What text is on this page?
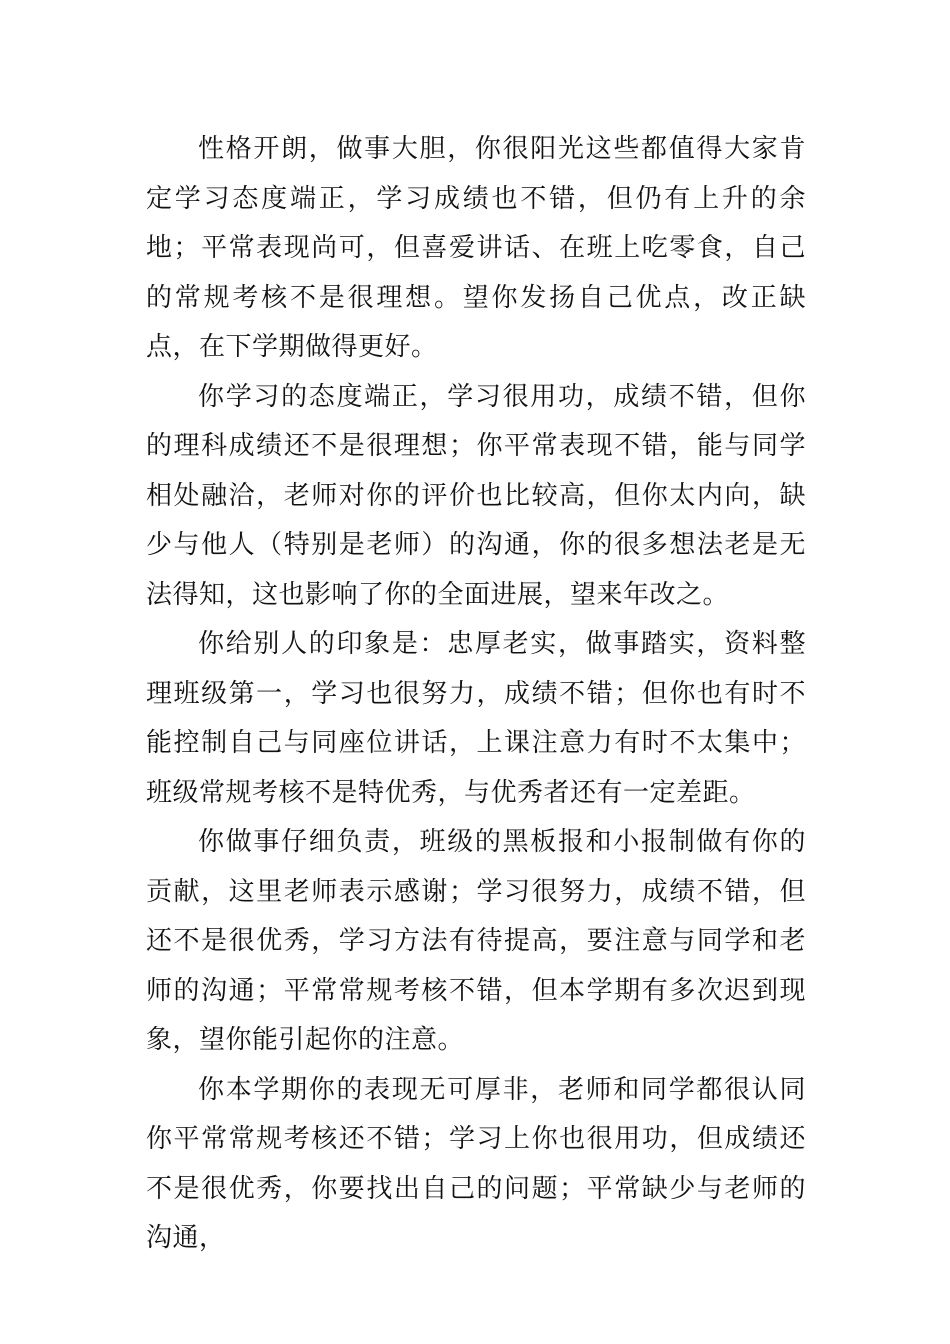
性格开朗，做事大胆，你很阳光这些都值得大家肯定学习态度端正，学习成绩也不错，但仍有上升的余地；平常表现尚可，但喜爱讲话、在班上吃零食，自己的常规考核不是很理想。望你发扬自己优点，改正缺点，在下学期做得更好。

你学习的态度端正，学习很用功，成绩不错，但你的理科成绩还不是很理想；你平常表现不错，能与同学相处融洽，老师对你的评价也比较高，但你太内向，缺少与他人（特别是老师）的沟通，你的很多想法老是无法得知，这也影响了你的全面进展，望来年改之。

你给别人的印象是：忠厚老实，做事踏实，资料整理班级第一，学习也很努力，成绩不错；但你也有时不能控制自己与同座位讲话，上课注意力有时不太集中；班级常规考核不是特优秀，与优秀者还有一定差距。

你做事仔细负责，班级的黑板报和小报制做有你的贡献，这里老师表示感谢；学习很努力，成绩不错，但还不是很优秀，学习方法有待提高，要注意与同学和老师的沟通；平常常规考核不错，但本学期有多次迟到现象，望你能引起你的注意。

你本学期你的表现无可厚非，老师和同学都很认同你平常常规考核还不错；学习上你也很用功，但成绩还不是很优秀，你要找出自己的问题；平常缺少与老师的沟通，
